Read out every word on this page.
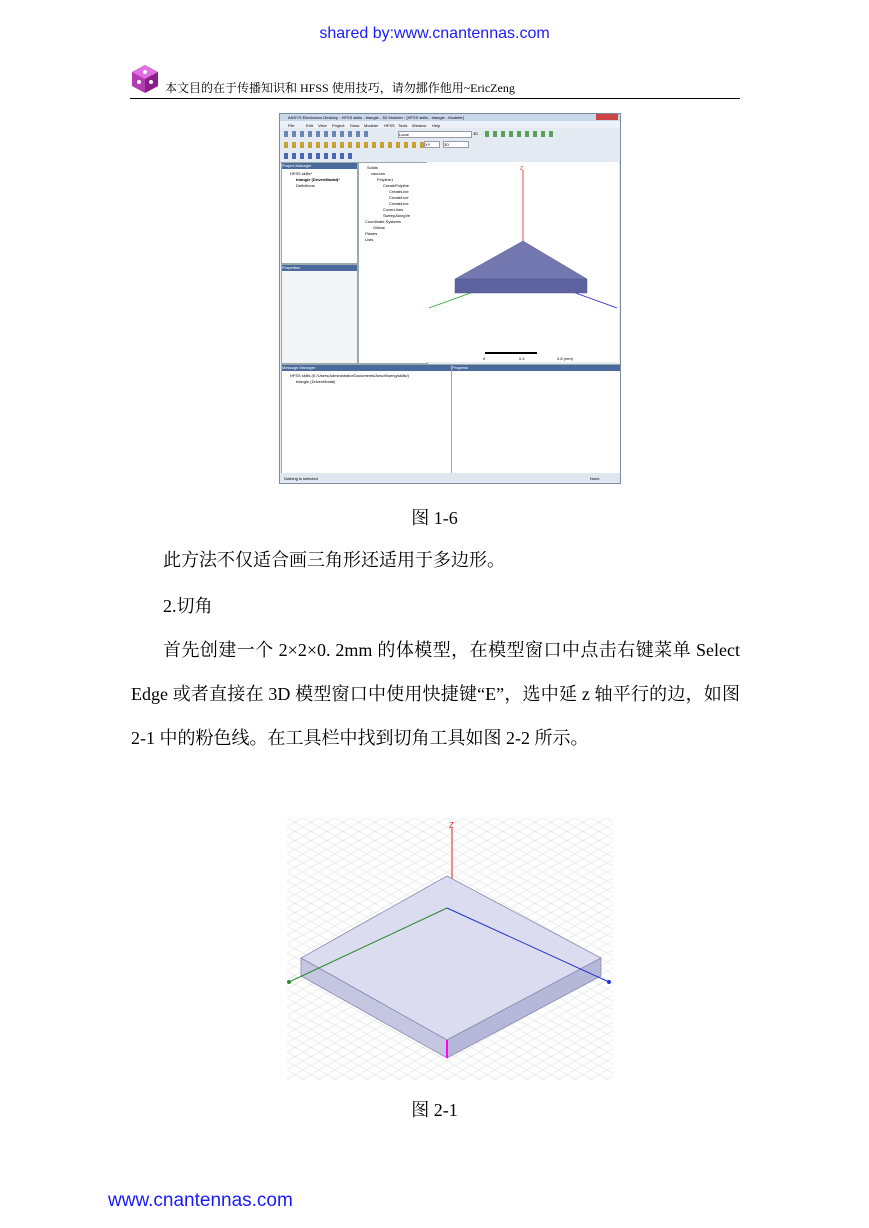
shared by:www.cnantennas.com
本文目的在于传播知识和 HFSS 使用技巧，请勿挪作他用~EricZeng
ANSYS Electronics Desktop - HFSS skills - triangle - 3D Modeler - [HFSS skills - triangle - Modeler]
File	Edit View Project Draw Modeler HFSS Tools Window Help
Local	3D
XY	3D
Project Manager
HFSS skills*
triangle (DrivenModal)*
Definitions
Properties
Solids
vacuum
Polyline1
CreatePolyline
CreateLine
CreateLine
CreateLine
CoverLines
SweepAlongVe
Coordinate Systems
Global
Planes
Lists
Z
0	0.4	0.8 (mm)
Message Manager
HFSS skills (E:/Users/Administrator/Documents/Ansoft/ueng/skills/)
triangle (DrivenModal)
Progress
Nothing is selected	None
图 1-6
此方法不仅适合画三角形还适用于多边形。
2.切角
首先创建一个 2×2×0. 2mm 的体模型，在模型窗口中点击右键菜单 Select Edge 或者直接在 3D 模型窗口中使用快捷键“E”，选中延 z 轴平行的边，如图 2-1 中的粉色线。在工具栏中找到切角工具如图 2-2 所示。
Z
图 2-1
www.cnantennas.com
